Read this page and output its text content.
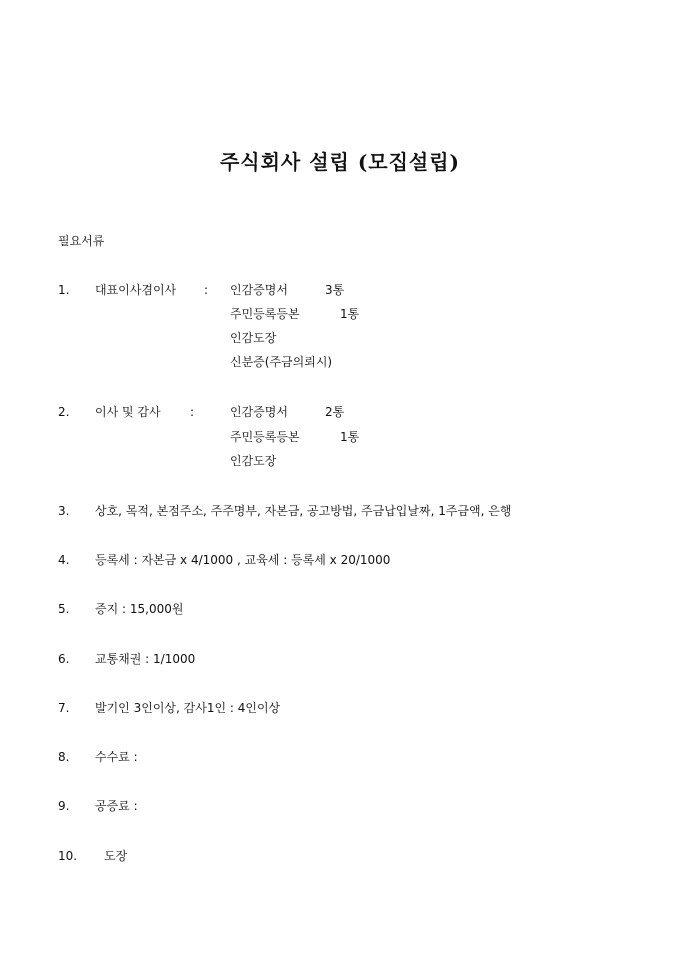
주식회사 설립 (모집설립)
필요서류
1. 대표이사겸이사 : 인감증명서	3통
주민등록등본	1통
인감도장
신분증(주금의뢰시)
2. 이사 및 감사 :	인감증명서	2통
주민등록등본	1통
인감도장
3. 상호, 목적, 본점주소, 주주명부, 자본금, 공고방법, 주금납입날짜, 1주금액, 은행
4. 등록세 : 자본금 x 4/1000 , 교육세 : 등록세 x 20/1000
5. 증지 : 15,000원
6. 교통채권 : 1/1000
7. 발기인 3인이상, 감사1인 : 4인이상
8. 수수료 :
9. 공증료 :
10. 도장
